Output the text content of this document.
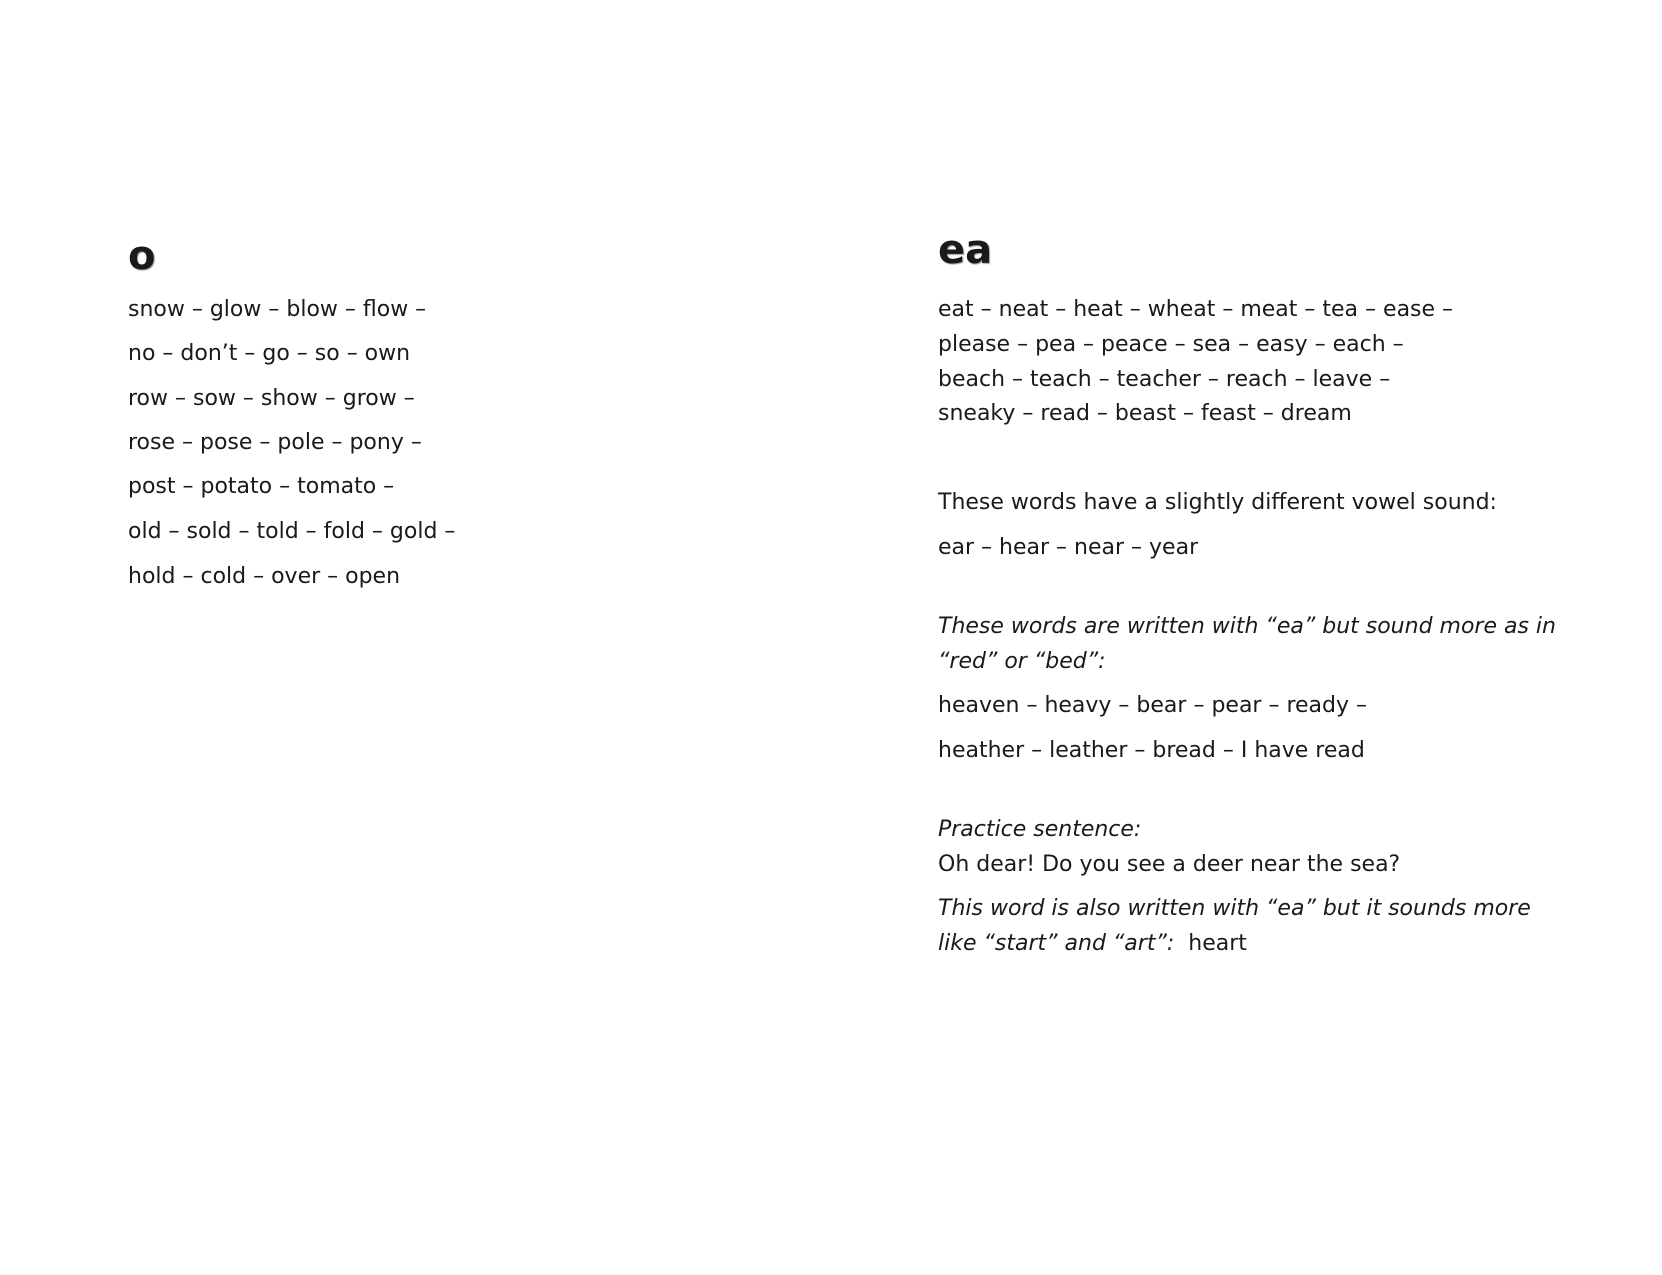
o

snow – glow – blow – flow –

no – don’t – go – so – own

row – sow – show – grow –

rose – pose – pole – pony –

post – potato – tomato –

old – sold – told – fold – gold –

hold – cold – over – open

ea

eat – neat – heat – wheat – meat – tea – ease –

please – pea – peace – sea – easy – each –

beach – teach – teacher – reach – leave –

sneaky – read – beast – feast – dream

These words have a slightly different vowel sound:

ear – hear – near – year

These words are written with “ea” but sound more as in

“red” or “bed”:

heaven – heavy – bear – pear – ready –

heather – leather – bread – I have read

Practice sentence:

Oh dear! Do you see a deer near the sea?

This word is also written with “ea” but it sounds more

like “start” and “art”:  heart
